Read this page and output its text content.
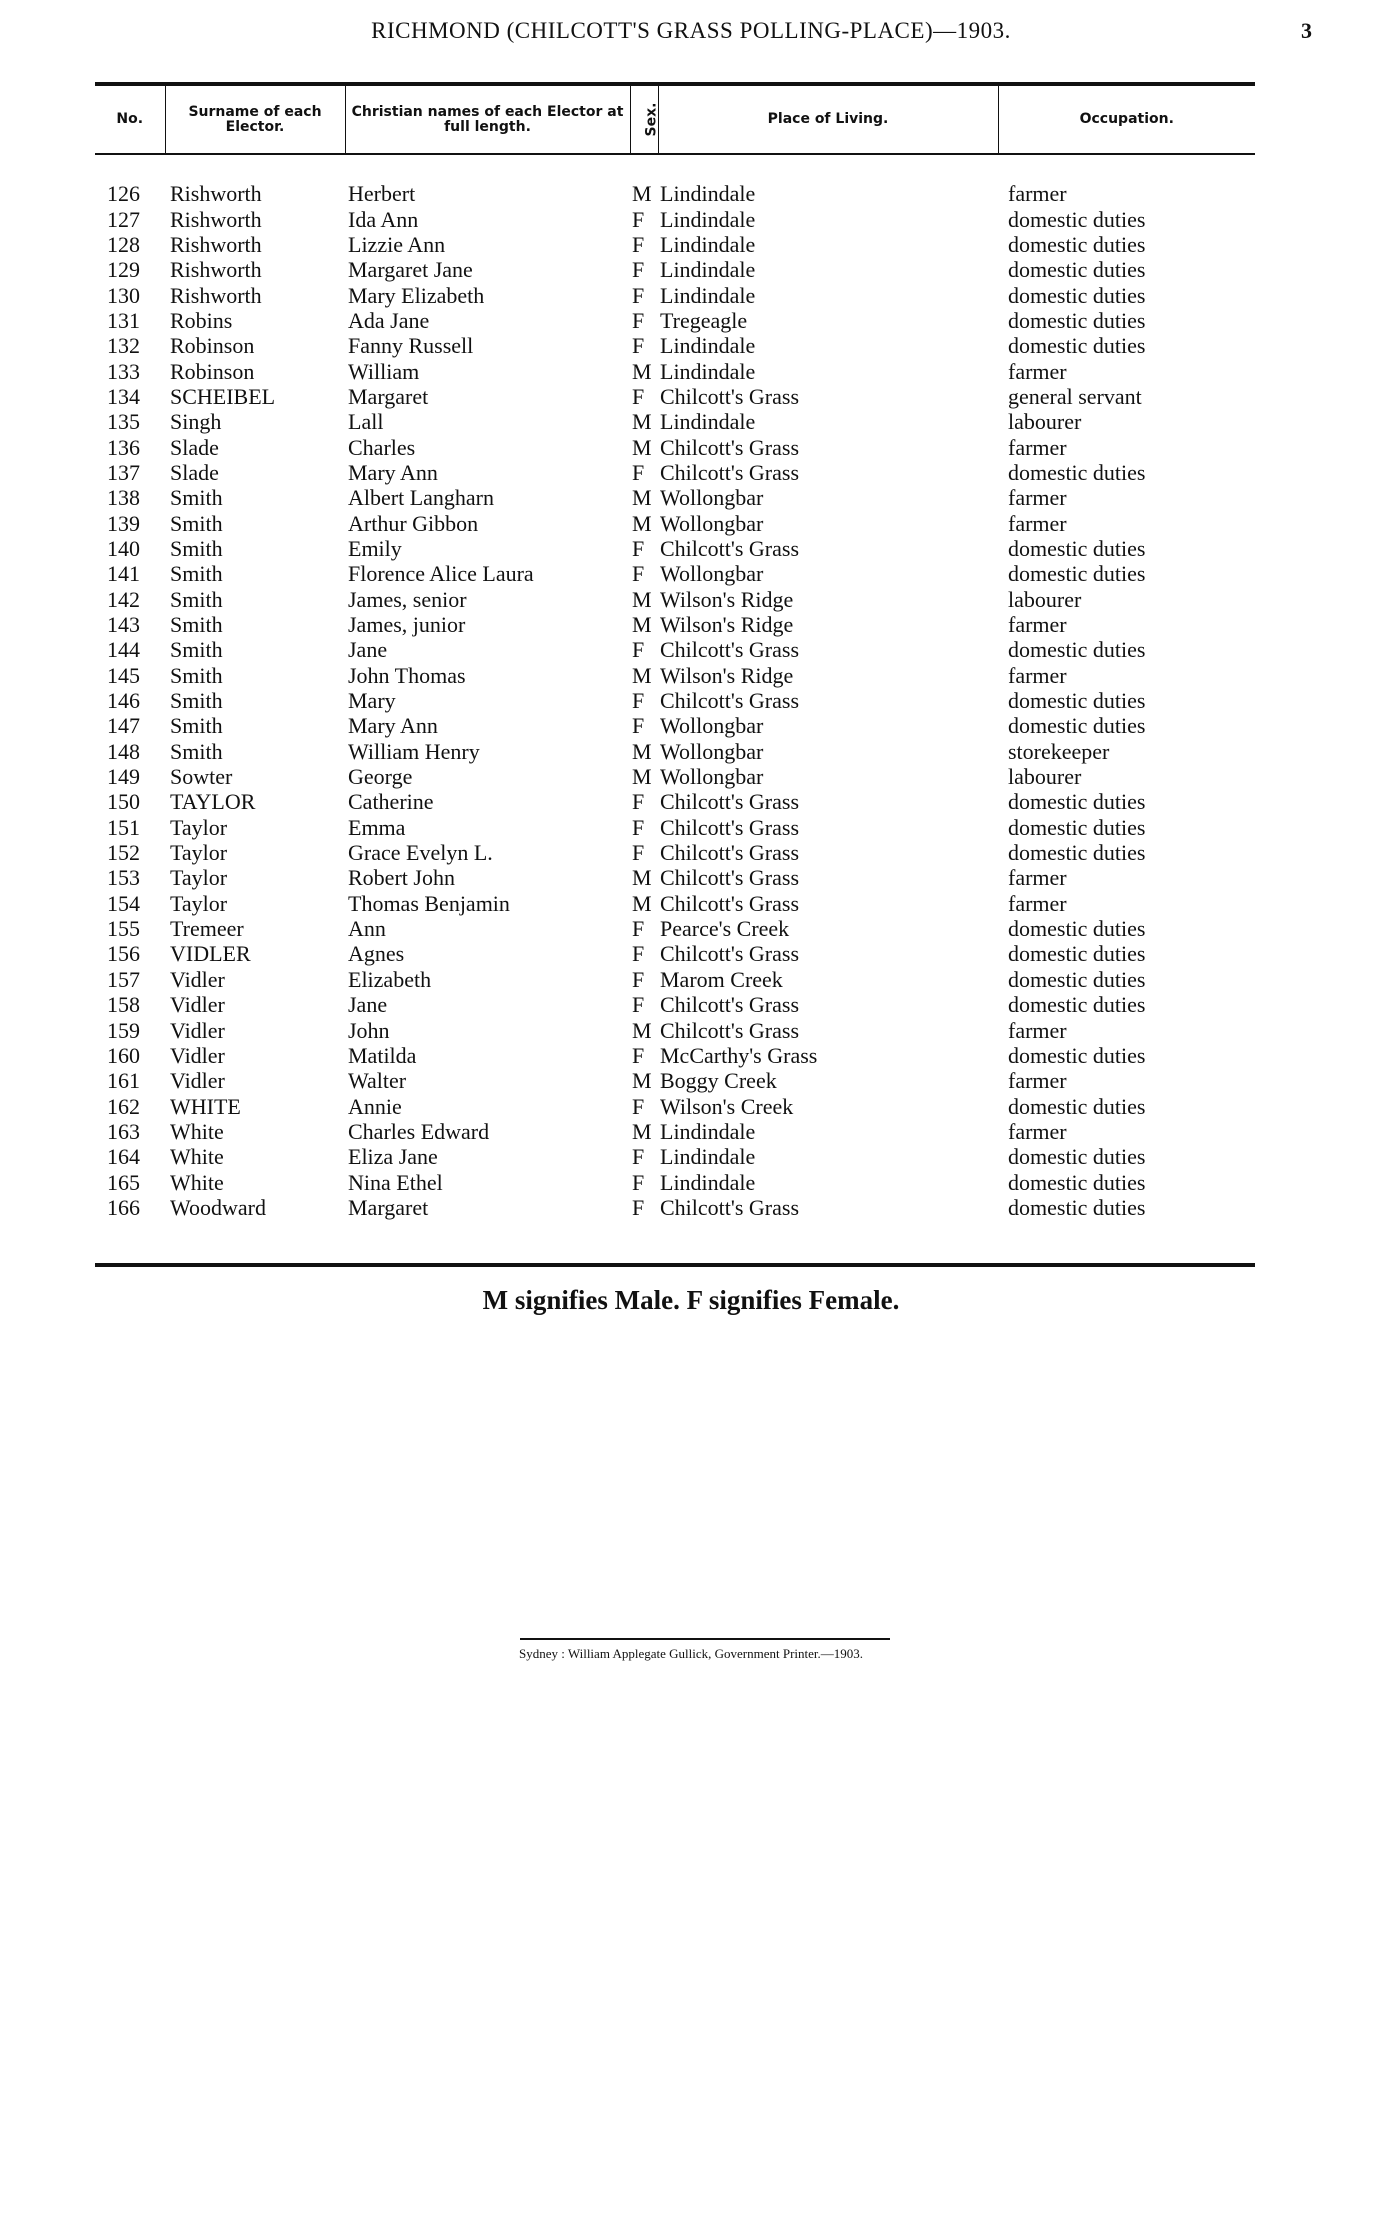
RICHMOND (CHILCOTT'S GRASS POLLING-PLACE)—1903.	3
No.	Surname of each Elector.	Christian names of each Elector at full length.	Sex.	Place of Living.	Occupation.

126	Rishworth	Herbert	M	Lindindale	farmer
127	Rishworth	Ida Ann	F	Lindindale	domestic duties
128	Rishworth	Lizzie Ann	F	Lindindale	domestic duties
129	Rishworth	Margaret Jane	F	Lindindale	domestic duties
130	Rishworth	Mary Elizabeth	F	Lindindale	domestic duties
131	Robins	Ada Jane	F	Tregeagle	domestic duties
132	Robinson	Fanny Russell	F	Lindindale	domestic duties
133	Robinson	William	M	Lindindale	farmer
134	SCHEIBEL	Margaret	F	Chilcott's Grass	general servant
135	Singh	Lall	M	Lindindale	labourer
136	Slade	Charles	M	Chilcott's Grass	farmer
137	Slade	Mary Ann	F	Chilcott's Grass	domestic duties
138	Smith	Albert Langharn	M	Wollongbar	farmer
139	Smith	Arthur Gibbon	M	Wollongbar	farmer
140	Smith	Emily	F	Chilcott's Grass	domestic duties
141	Smith	Florence Alice Laura	F	Wollongbar	domestic duties
142	Smith	James, senior	M	Wilson's Ridge	labourer
143	Smith	James, junior	M	Wilson's Ridge	farmer
144	Smith	Jane	F	Chilcott's Grass	domestic duties
145	Smith	John Thomas	M	Wilson's Ridge	farmer
146	Smith	Mary	F	Chilcott's Grass	domestic duties
147	Smith	Mary Ann	F	Wollongbar	domestic duties
148	Smith	William Henry	M	Wollongbar	storekeeper
149	Sowter	George	M	Wollongbar	labourer
150	TAYLOR	Catherine	F	Chilcott's Grass	domestic duties
151	Taylor	Emma	F	Chilcott's Grass	domestic duties
152	Taylor	Grace Evelyn L.	F	Chilcott's Grass	domestic duties
153	Taylor	Robert John	M	Chilcott's Grass	farmer
154	Taylor	Thomas Benjamin	M	Chilcott's Grass	farmer
155	Tremeer	Ann	F	Pearce's Creek	domestic duties
156	VIDLER	Agnes	F	Chilcott's Grass	domestic duties
157	Vidler	Elizabeth	F	Marom Creek	domestic duties
158	Vidler	Jane	F	Chilcott's Grass	domestic duties
159	Vidler	John	M	Chilcott's Grass	farmer
160	Vidler	Matilda	F	McCarthy's Grass	domestic duties
161	Vidler	Walter	M	Boggy Creek	farmer
162	WHITE	Annie	F	Wilson's Creek	domestic duties
163	White	Charles Edward	M	Lindindale	farmer
164	White	Eliza Jane	F	Lindindale	domestic duties
165	White	Nina Ethel	F	Lindindale	domestic duties
166	Woodward	Margaret	F	Chilcott's Grass	domestic duties
M signifies Male. F signifies Female.
Sydney : William Applegate Gullick, Government Printer.—1903.
